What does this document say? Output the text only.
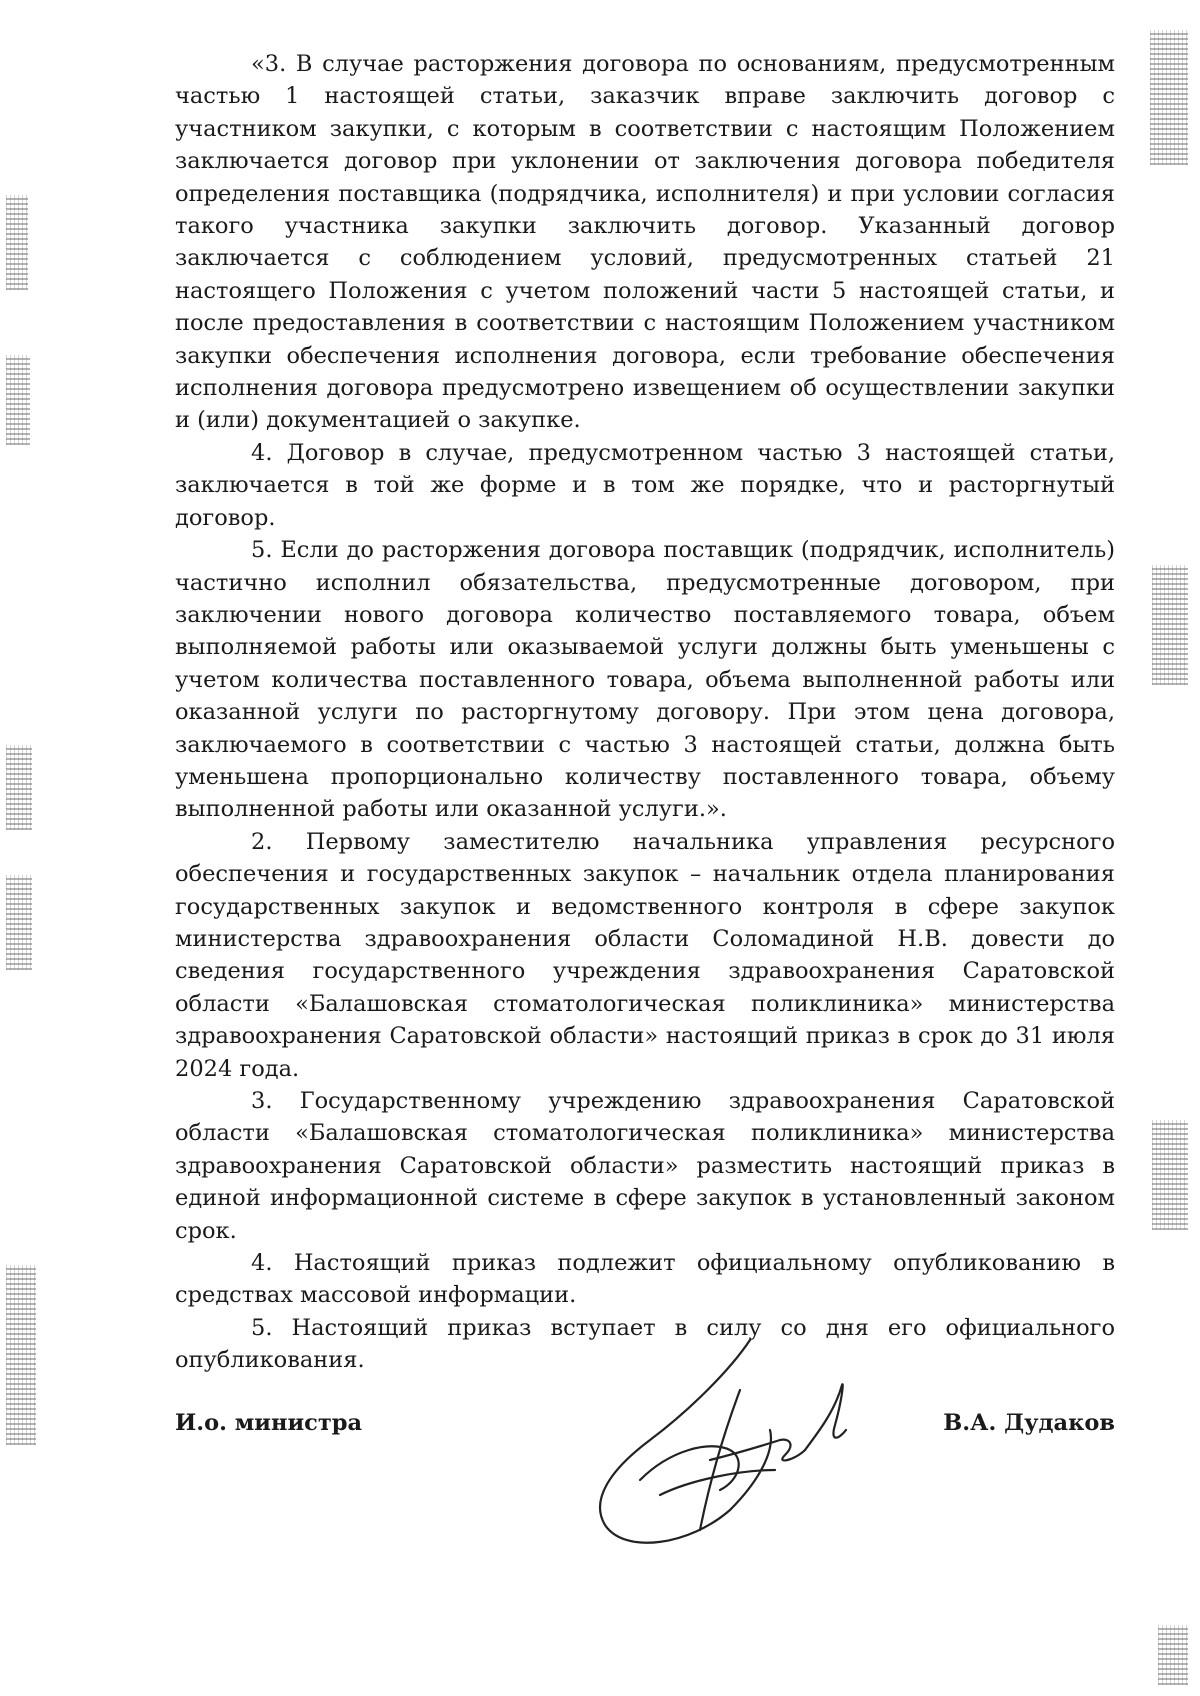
«3. В случае расторжения договора по основаниям, предусмотренным частью 1 настоящей статьи, заказчик вправе заключить договор с участником закупки, с которым в соответствии с настоящим Положением заключается договор при уклонении от заключения договора победителя определения поставщика (подрядчика, исполнителя) и при условии согласия такого участника закупки заключить договор. Указанный договор заключается с соблюдением условий, предусмотренных статьей 21 настоящего Положения с учетом положений части 5 настоящей статьи, и после предоставления в соответствии с настоящим Положением участником закупки обеспечения исполнения договора, если требование обеспечения исполнения договора предусмотрено извещением об осуществлении закупки и (или) документацией о закупке.

4. Договор в случае, предусмотренном частью 3 настоящей статьи, заключается в той же форме и в том же порядке, что и расторгнутый договор.

5. Если до расторжения договора поставщик (подрядчик, исполнитель) частично исполнил обязательства, предусмотренные договором, при заключении нового договора количество поставляемого товара, объем выполняемой работы или оказываемой услуги должны быть уменьшены с учетом количества поставленного товара, объема выполненной работы или оказанной услуги по расторгнутому договору. При этом цена договора, заключаемого в соответствии с частью 3 настоящей статьи, должна быть уменьшена пропорционально количеству поставленного товара, объему выполненной работы или оказанной услуги.».

2. Первому заместителю начальника управления ресурсного обеспечения и государственных закупок – начальник отдела планирования государственных закупок и ведомственного контроля в сфере закупок министерства здравоохранения области Соломадиной Н.В. довести до сведения государственного учреждения здравоохранения Саратовской области «Балашовская стоматологическая поликлиника» министерства здравоохранения Саратовской области» настоящий приказ в срок до 31 июля 2024 года.

3. Государственному учреждению здравоохранения Саратовской области «Балашовская стоматологическая поликлиника» министерства здравоохранения Саратовской области» разместить настоящий приказ в единой информационной системе в сфере закупок в установленный законом срок.

4. Настоящий приказ подлежит официальному опубликованию в средствах массовой информации.

5. Настоящий приказ вступает в силу со дня его официального опубликования.

И.о. министра	В.А. Дудаков
